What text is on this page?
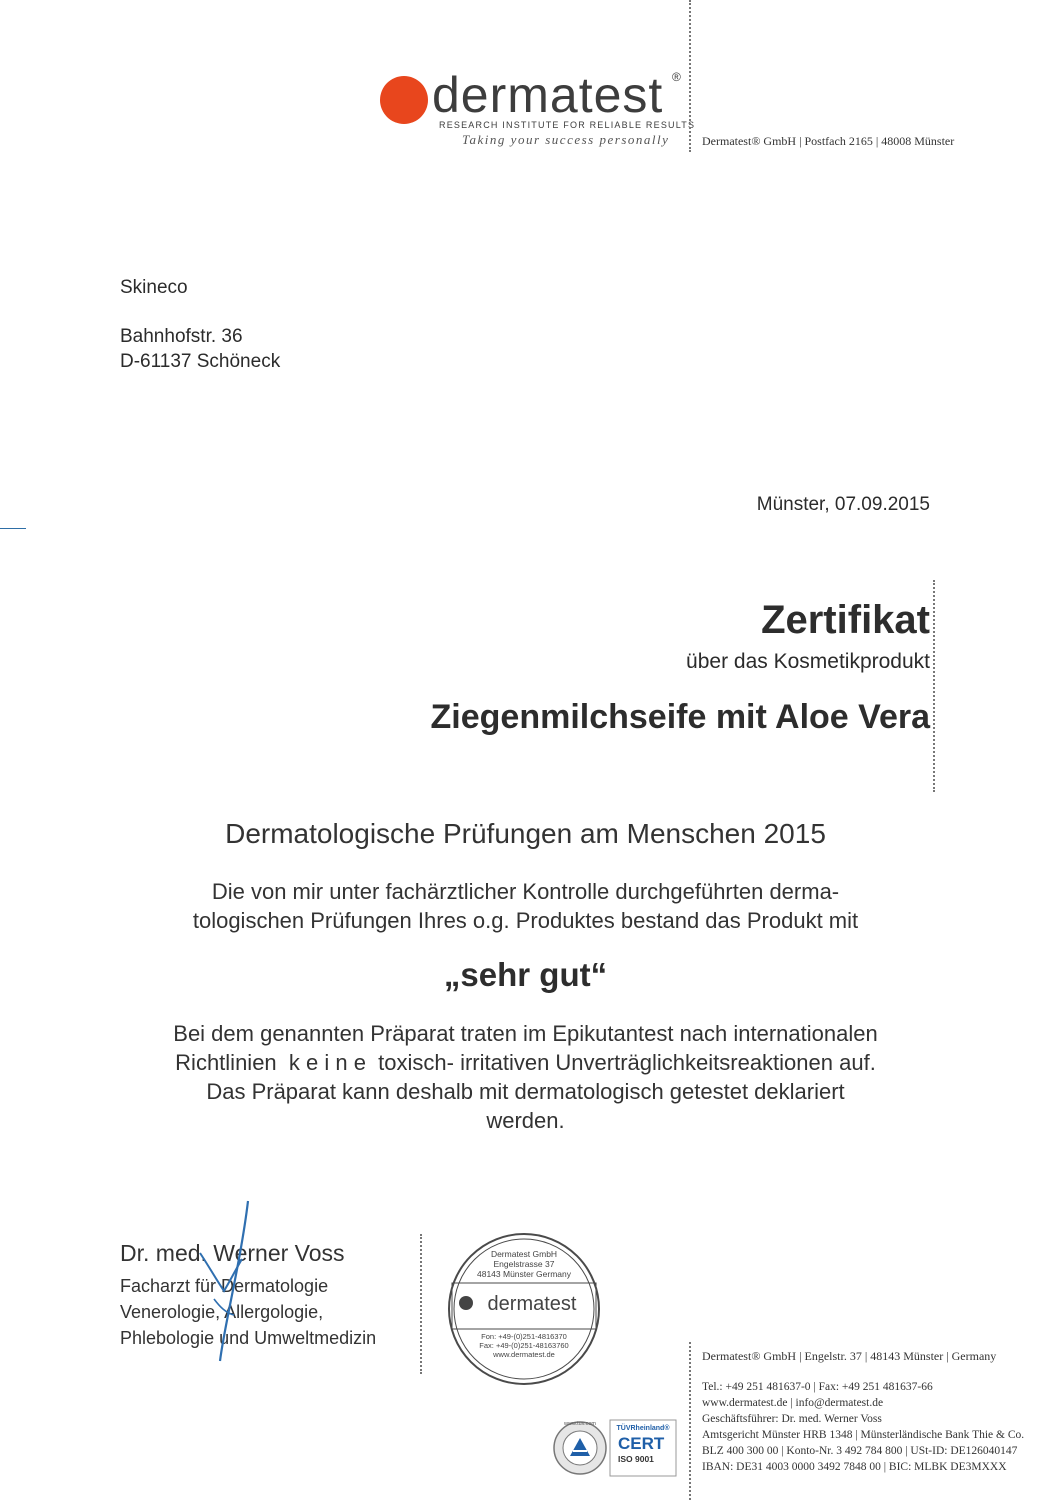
dermatest ®
RESEARCH INSTITUTE FOR RELIABLE RESULTS
Taking your success personally	Dermatest® GmbH | Postfach 2165 | 48008 Münster
Skineco
Bahnhofstr. 36
D-61137 Schöneck
Münster, 07.09.2015
Zertifikat
über das Kosmetikprodukt
Ziegenmilchseife mit Aloe Vera
Dermatologische Prüfungen am Menschen 2015
Die von mir unter fachärztlicher Kontrolle durchgeführten derma-
tologischen Prüfungen Ihres o.g. Produktes bestand das Produkt mit
„sehr gut“
Bei dem genannten Präparat traten im Epikutantest nach internationalen
Richtlinien  k e i n e  toxisch- irritativen Unverträglichkeitsreaktionen auf.
Das Präparat kann deshalb mit dermatologisch getestet deklariert
werden.
Dr. med. Werner Voss
Facharzt für Dermatologie
Venerologie, Allergologie,
Phlebologie und Umweltmedizin
Dermatest GmbH
Engelstrasse 37
48143 Münster Germany
dermatest
Fon: +49-(0)251-4816370
Fax: +49-(0)251-48163760
www.dermatest.de
www.tuv.com
TÜVRheinland®
CERT
ISO 9001
Dermatest® GmbH | Engelstr. 37 | 48143 Münster | Germany
Tel.: +49 251 481637-0 | Fax: +49 251 481637-66
www.dermatest.de | info@dermatest.de
Geschäftsführer: Dr. med. Werner Voss
Amtsgericht Münster HRB 1348 | Münsterländische Bank Thie & Co.
BLZ 400 300 00 | Konto-Nr. 3 492 784 800 | USt-ID: DE126040147
IBAN: DE31 4003 0000 3492 7848 00 | BIC: MLBK DE3MXXX
